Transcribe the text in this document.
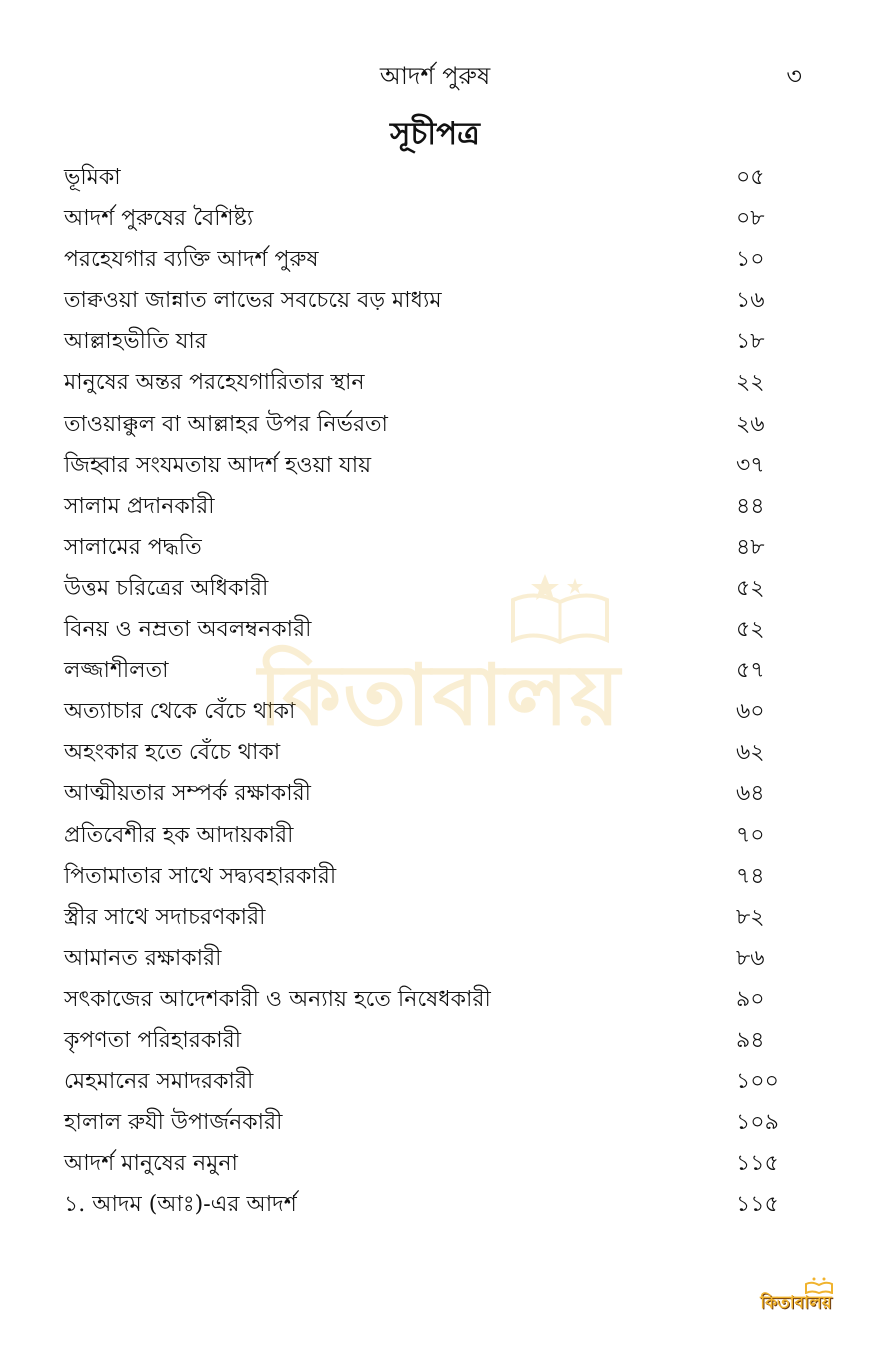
আদর্শ পুরুষ	৩
সূচীপত্র
ভূমিকা	০৫
আদর্শ পুরুষের বৈশিষ্ট্য	০৮
পরহেযগার ব্যক্তি আদর্শ পুরুষ	১০
তাক্বওয়া জান্নাত লাভের সবচেয়ে বড় মাধ্যম	১৬
আল্লাহভীতি যার	১৮
মানুষের অন্তর পরহেযগারিতার স্থান	২২
তাওয়াক্কুল বা আল্লাহর উপর নির্ভরতা	২৬
জিহ্বার সংযমতায় আদর্শ হওয়া যায়	৩৭
সালাম প্রদানকারী	৪৪
সালামের পদ্ধতি	৪৮
উত্তম চরিত্রের অধিকারী	৫২
বিনয় ও নম্রতা অবলম্বনকারী	৫২
লজ্জাশীলতা	৫৭
অত্যাচার থেকে বেঁচে থাকা	৬০
অহংকার হতে বেঁচে থাকা	৬২
আত্মীয়তার সম্পর্ক রক্ষাকারী	৬৪
প্রতিবেশীর হক আদায়কারী	৭০
পিতামাতার সাথে সদ্ব্যবহারকারী	৭৪
স্ত্রীর সাথে সদাচরণকারী	৮২
আমানত রক্ষাকারী	৮৬
সৎকাজের আদেশকারী ও অন্যায় হতে নিষেধকারী	৯০
কৃপণতা পরিহারকারী	৯৪
মেহমানের সমাদরকারী	১০০
হালাল রুযী উপার্জনকারী	১০৯
আদর্শ মানুষের নমুনা	১১৫
১. আদম (আঃ)-এর আদর্শ	১১৫
কিতাবালয়
কিতাবালয়
